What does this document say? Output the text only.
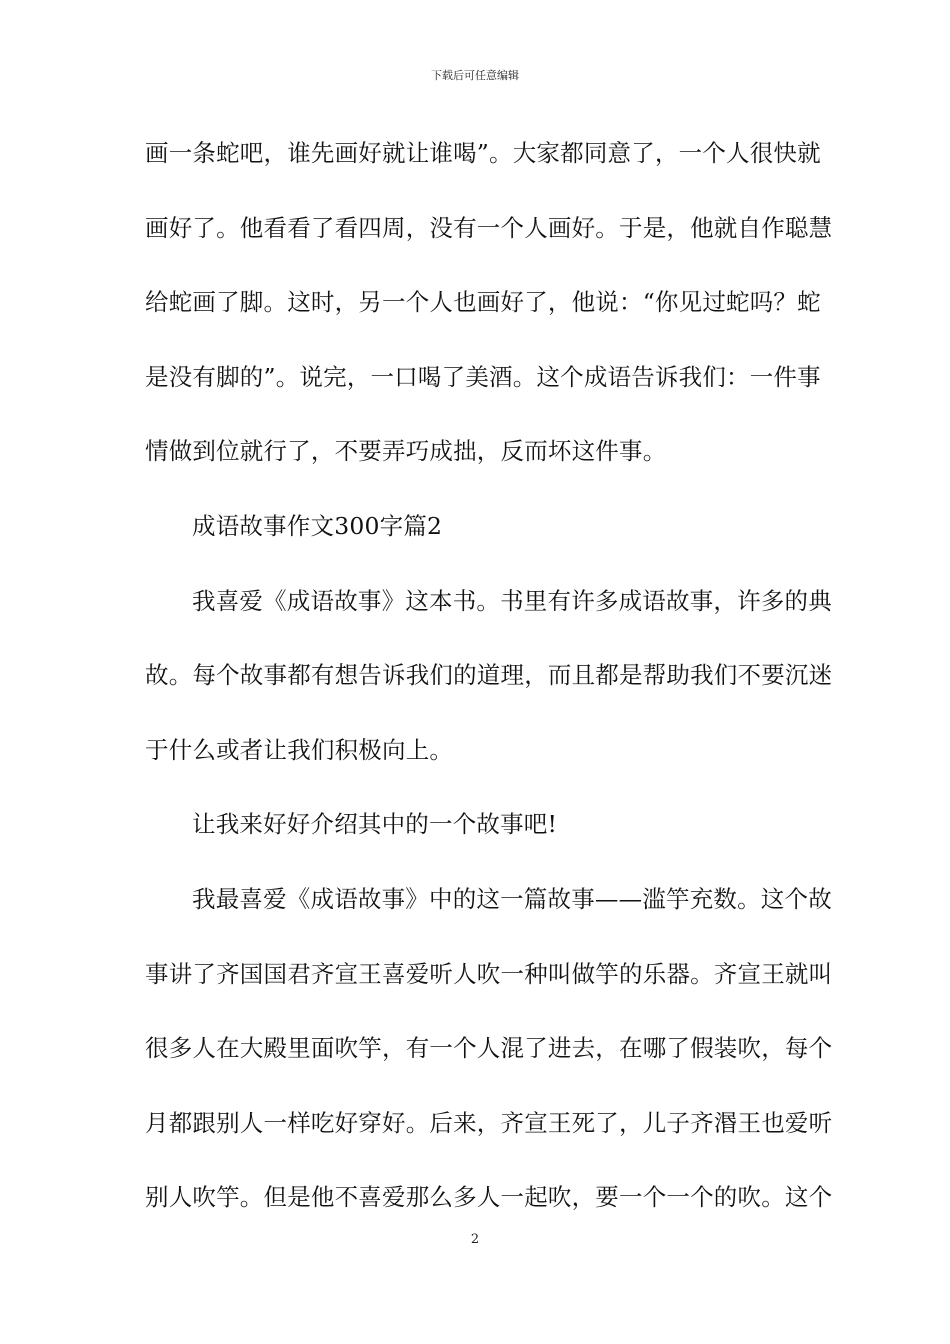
下载后可任意编辑
画一条蛇吧，谁先画好就让谁喝”。大家都同意了，一个人很快就
画好了。他看看了看四周，没有一个人画好。于是，他就自作聪慧
给蛇画了脚。这时，另一个人也画好了，他说：“你见过蛇吗？蛇
是没有脚的”。说完，一口喝了美酒。这个成语告诉我们：一件事
情做到位就行了，不要弄巧成拙，反而坏这件事。
成语故事作文300字篇2
我喜爱《成语故事》这本书。书里有许多成语故事，许多的典
故。每个故事都有想告诉我们的道理，而且都是帮助我们不要沉迷
于什么或者让我们积极向上。
让我来好好介绍其中的一个故事吧!
我最喜爱《成语故事》中的这一篇故事——滥竽充数。这个故
事讲了齐国国君齐宣王喜爱听人吹一种叫做竽的乐器。齐宣王就叫
很多人在大殿里面吹竽，有一个人混了进去，在哪了假装吹，每个
月都跟别人一样吃好穿好。后来，齐宣王死了，儿子齐湣王也爱听
别人吹竽。但是他不喜爱那么多人一起吹，要一个一个的吹。这个
2
